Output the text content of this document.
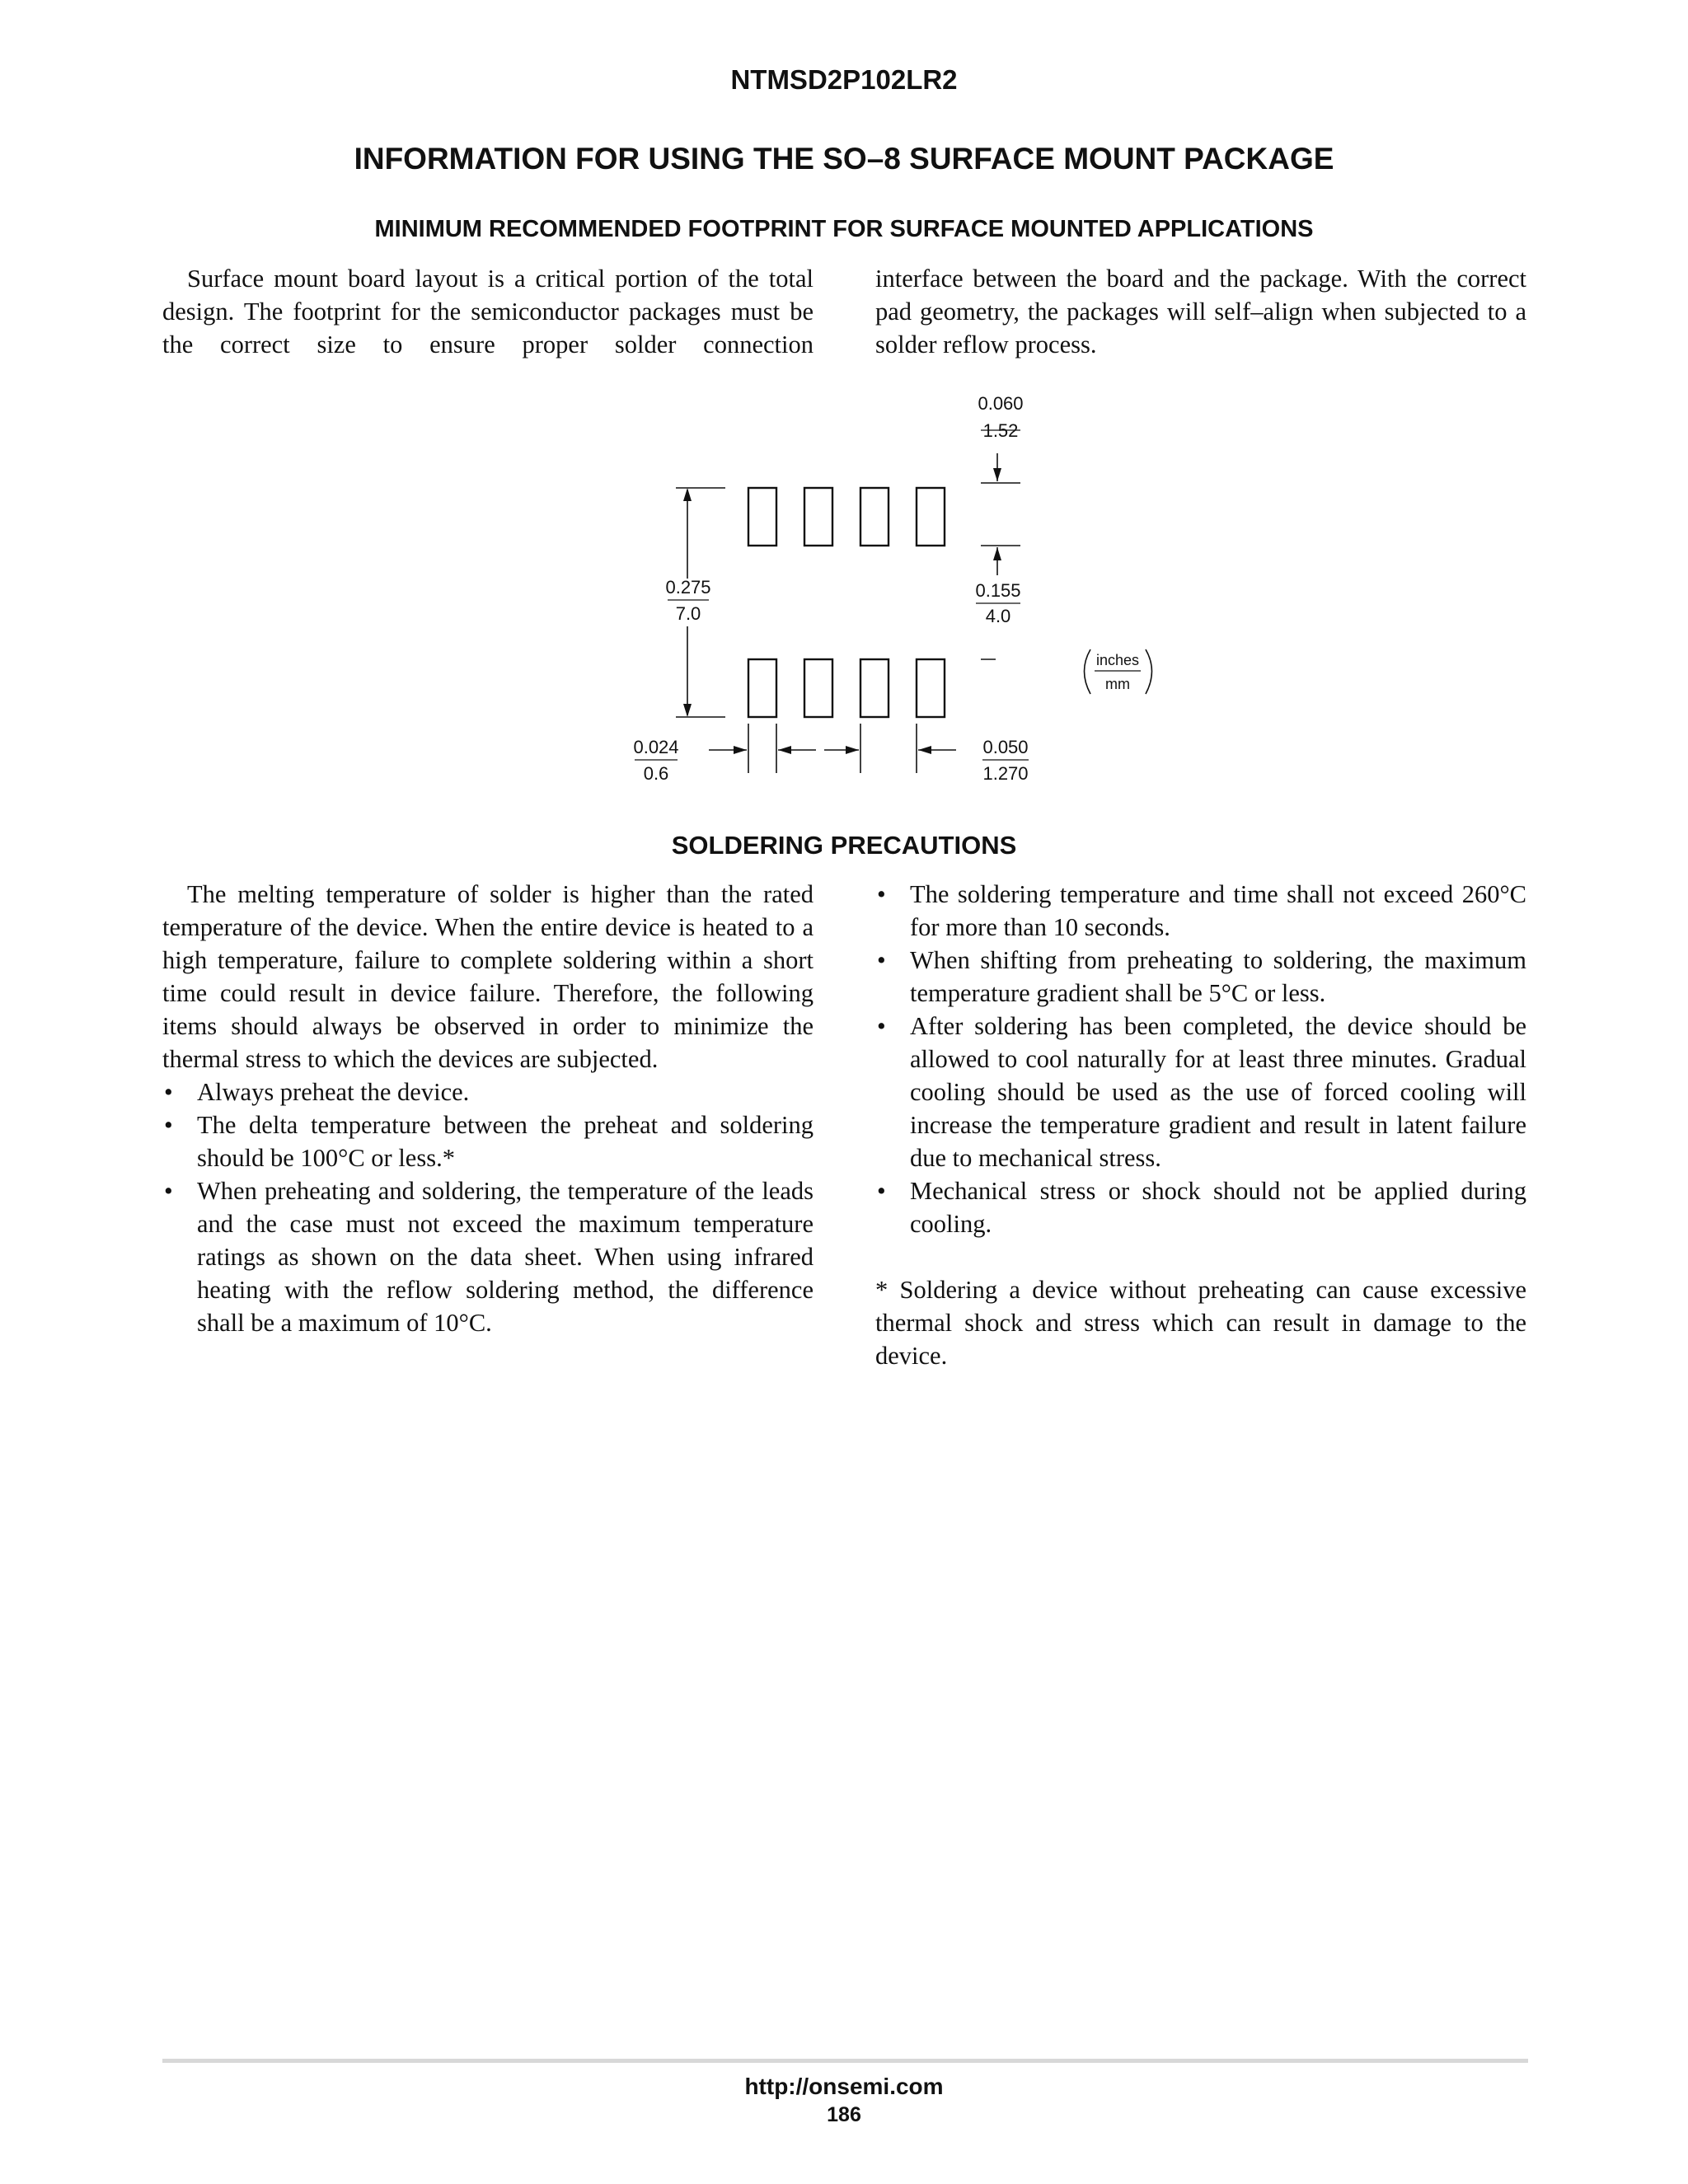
NTMSD2P102LR2
INFORMATION FOR USING THE SO–8 SURFACE MOUNT PACKAGE
MINIMUM RECOMMENDED FOOTPRINT FOR SURFACE MOUNTED APPLICATIONS

Surface mount board layout is a critical portion of the total design. The footprint for the semiconductor packages must be the correct size to ensure proper solder connection

interface between the board and the package. With the correct pad geometry, the packages will self–align when subjected to a solder reflow process.

0.060
1.52
0.275
7.0
0.155
4.0
0.024
0.6
0.050
1.270
inches
mm
SOLDERING PRECAUTIONS

The melting temperature of solder is higher than the rated temperature of the device. When the entire device is heated to a high temperature, failure to complete soldering within a short time could result in device failure. Therefore, the following items should always be observed in order to minimize the thermal stress to which the devices are subjected.

• Always preheat the device.
• The delta temperature between the preheat and soldering should be 100°C or less.*
• When preheating and soldering, the temperature of the leads and the case must not exceed the maximum temperature ratings as shown on the data sheet. When using infrared heating with the reflow soldering method, the difference shall be a maximum of 10°C.
• The soldering temperature and time shall not exceed 260°C for more than 10 seconds.
• When shifting from preheating to soldering, the maximum temperature gradient shall be 5°C or less.
• After soldering has been completed, the device should be allowed to cool naturally for at least three minutes. Gradual cooling should be used as the use of forced cooling will increase the temperature gradient and result in latent failure due to mechanical stress.
• Mechanical stress or shock should not be applied during cooling.

* Soldering a device without preheating can cause excessive thermal shock and stress which can result in damage to the device.

http://onsemi.com
186
